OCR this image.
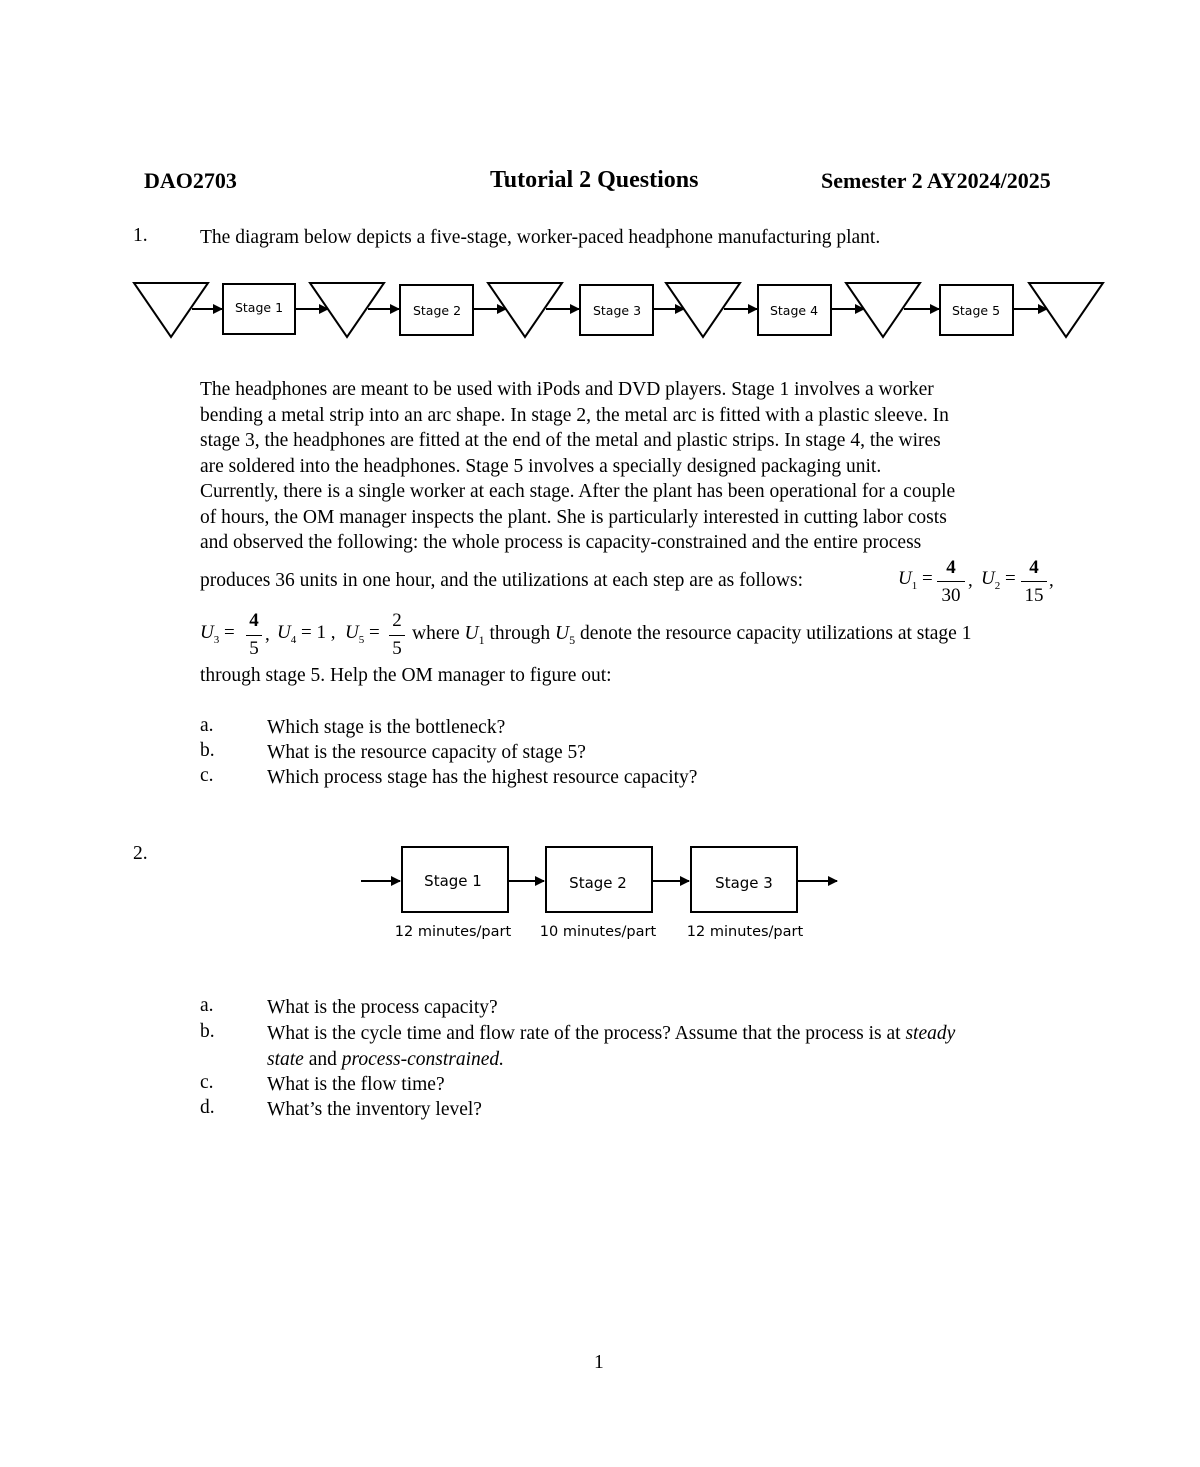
DAO2703	Tutorial 2 Questions	Semester 2 AY2024/2025
1.	The diagram below depicts a five-stage, worker-paced headphone manufacturing plant.
Stage 1	Stage 2	Stage 3	Stage 4	Stage 5
The headphones are meant to be used with iPods and DVD players. Stage 1 involves a worker
bending a metal strip into an arc shape. In stage 2, the metal arc is fitted with a plastic sleeve. In
stage 3, the headphones are fitted at the end of the metal and plastic strips. In stage 4, the wires
are soldered into the headphones. Stage 5 involves a specially designed packaging unit.
Currently, there is a single worker at each stage. After the plant has been operational for a couple
of hours, the OM manager inspects the plant. She is particularly interested in cutting labor costs
and observed the following: the whole process is capacity-constrained and the entire process
produces 36 units in one hour, and the utilizations at each step are as follows:	$U_1$ =
4
30
, $U_2$ =
4
15
,
$U_3$ =
4
5
, $U_4 = 1$ , $U_5$ =
2
5
where $U_1$ through $U_5$ denote the resource capacity utilizations at stage 1
through stage 5. Help the OM manager to figure out:
a.	Which stage is the bottleneck?
b.	What is the resource capacity of stage 5?
c.	Which process stage has the highest resource capacity?
2.
Stage 1	Stage 2	Stage 3
12 minutes/part 10 minutes/part 12 minutes/part
a.	What is the process capacity?
b.	What is the cycle time and flow rate of the process? Assume that the process is at steady
state and process-constrained.
c.	What is the flow time?
d.	What’s the inventory level?
1
